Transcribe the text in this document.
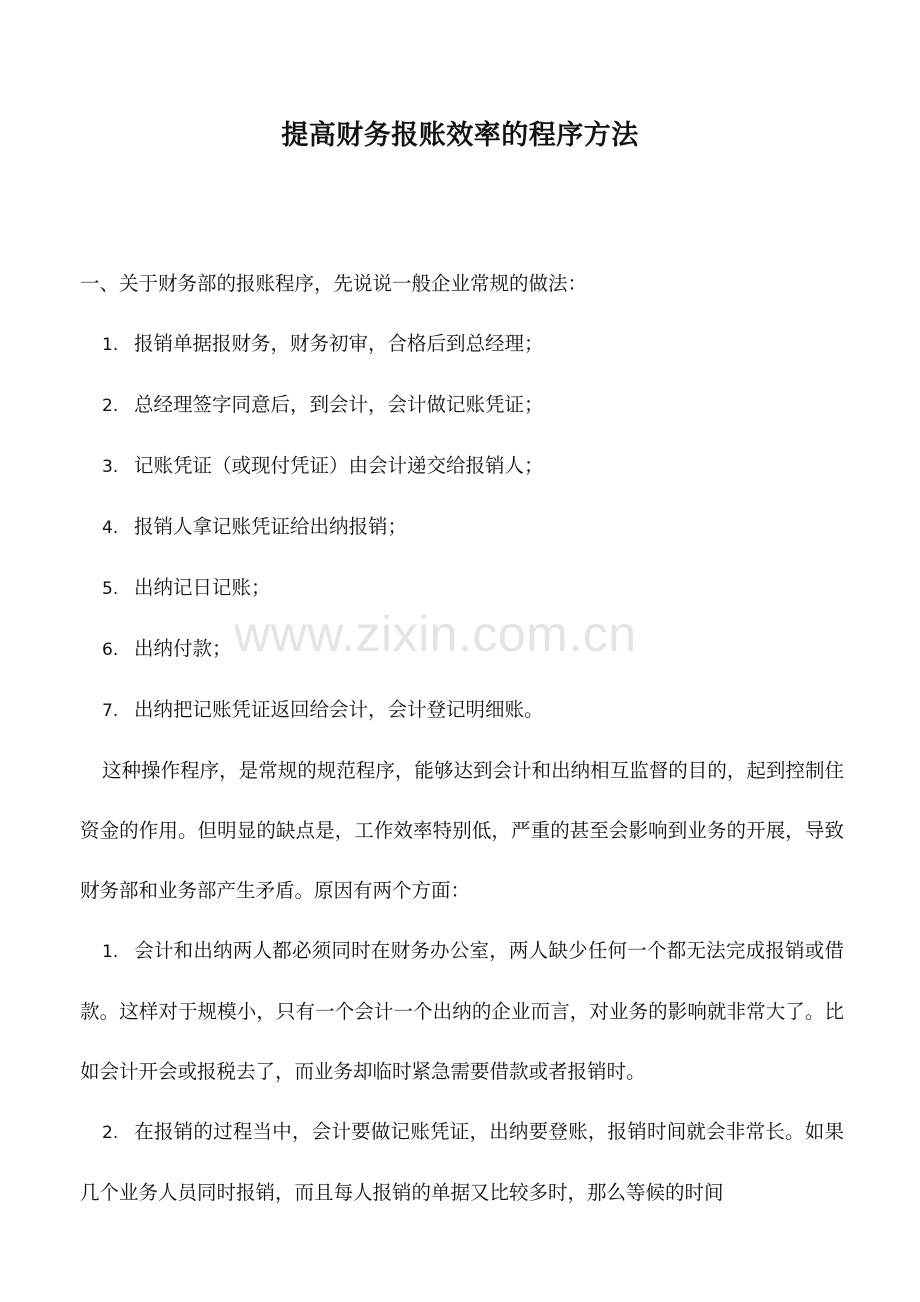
提高财务报账效率的程序方法

一、关于财务部的报账程序，先说说一般企业常规的做法：

1. 报销单据报财务，财务初审，合格后到总经理；

2. 总经理签字同意后，到会计，会计做记账凭证；

3. 记账凭证（或现付凭证）由会计递交给报销人；

4. 报销人拿记账凭证给出纳报销；

5. 出纳记日记账；

6. 出纳付款；

7. 出纳把记账凭证返回给会计，会计登记明细账。

这种操作程序，是常规的规范程序，能够达到会计和出纳相互监督的目的，起到控制住资金的作用。但明显的缺点是，工作效率特别低，严重的甚至会影响到业务的开展，导致财务部和业务部产生矛盾。原因有两个方面：

1. 会计和出纳两人都必须同时在财务办公室，两人缺少任何一个都无法完成报销或借款。这样对于规模小，只有一个会计一个出纳的企业而言，对业务的影响就非常大了。比如会计开会或报税去了，而业务却临时紧急需要借款或者报销时。

2. 在报销的过程当中，会计要做记账凭证，出纳要登账，报销时间就会非常长。如果几个业务人员同时报销，而且每人报销的单据又比较多时，那么等候的时间

www.zixin.com.cn
